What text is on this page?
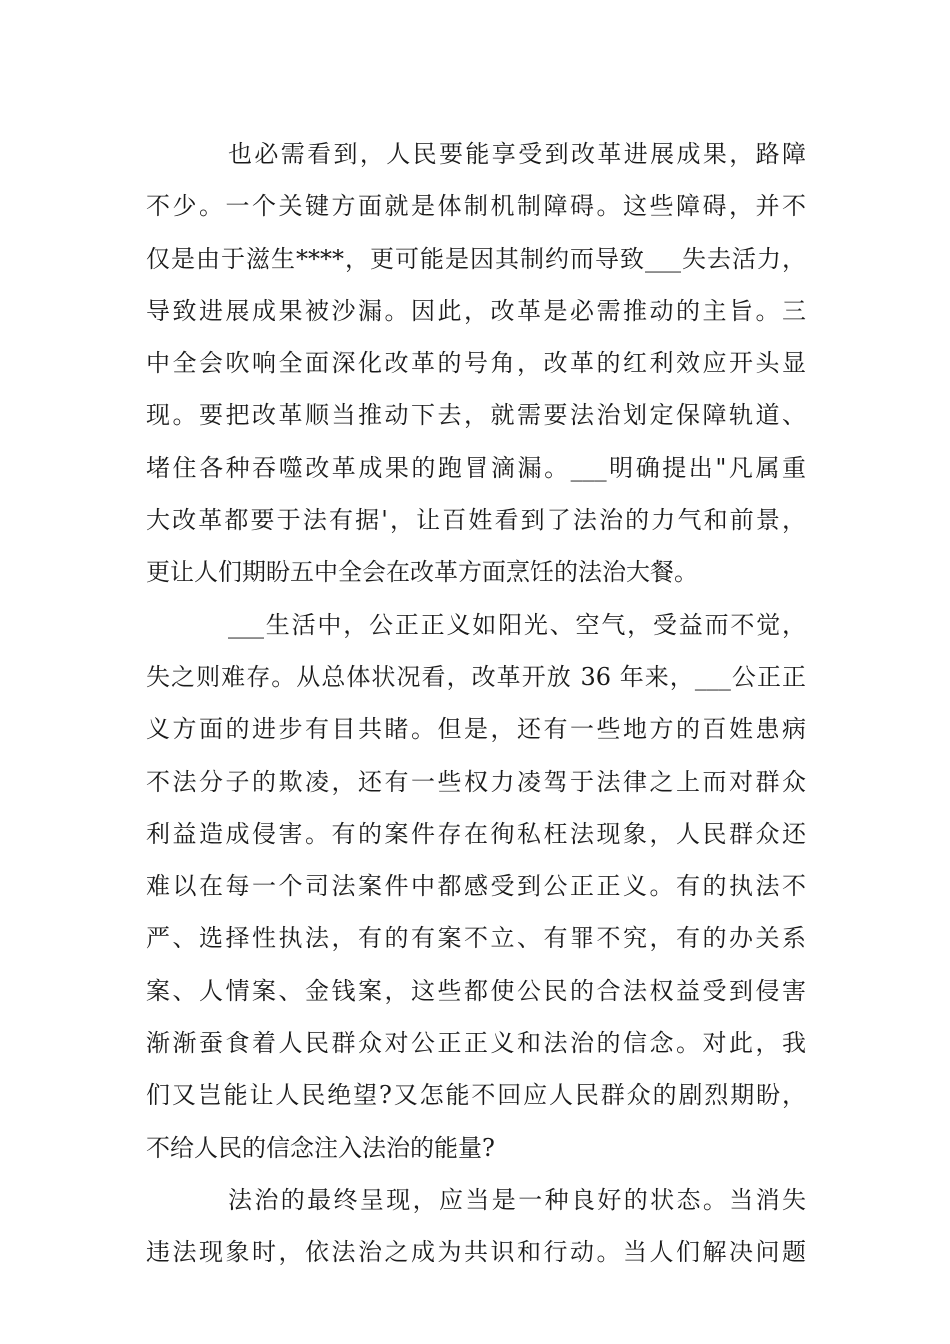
也必需看到，人民要能享受到改革进展成果，路障
不少。一个关键方面就是体制机制障碍。这些障碍，并不
仅是由于滋生****，更可能是因其制约而导致___失去活力，
导致进展成果被沙漏。因此，改革是必需推动的主旨。三
中全会吹响全面深化改革的号角，改革的红利效应开头显
现。要把改革顺当推动下去，就需要法治划定保障轨道、
堵住各种吞噬改革成果的跑冒滴漏。___明确提出"凡属重
大改革都要于法有据'，让百姓看到了法治的力气和前景，
更让人们期盼五中全会在改革方面烹饪的法治大餐。
___生活中，公正正义如阳光、空气，受益而不觉，
失之则难存。从总体状况看，改革开放 36 年来，___公正正
义方面的进步有目共睹。但是，还有一些地方的百姓患病
不法分子的欺凌，还有一些权力凌驾于法律之上而对群众
利益造成侵害。有的案件存在徇私枉法现象，人民群众还
难以在每一个司法案件中都感受到公正正义。有的执法不
严、选择性执法，有的有案不立、有罪不究，有的办关系
案、人情案、金钱案，这些都使公民的合法权益受到侵害
渐渐蚕食着人民群众对公正正义和法治的信念。对此，我
们又岂能让人民绝望?又怎能不回应人民群众的剧烈期盼，
不给人民的信念注入法治的能量?
法治的最终呈现，应当是一种良好的状态。当消失
违法现象时，依法治之成为共识和行动。当人们解决问题
